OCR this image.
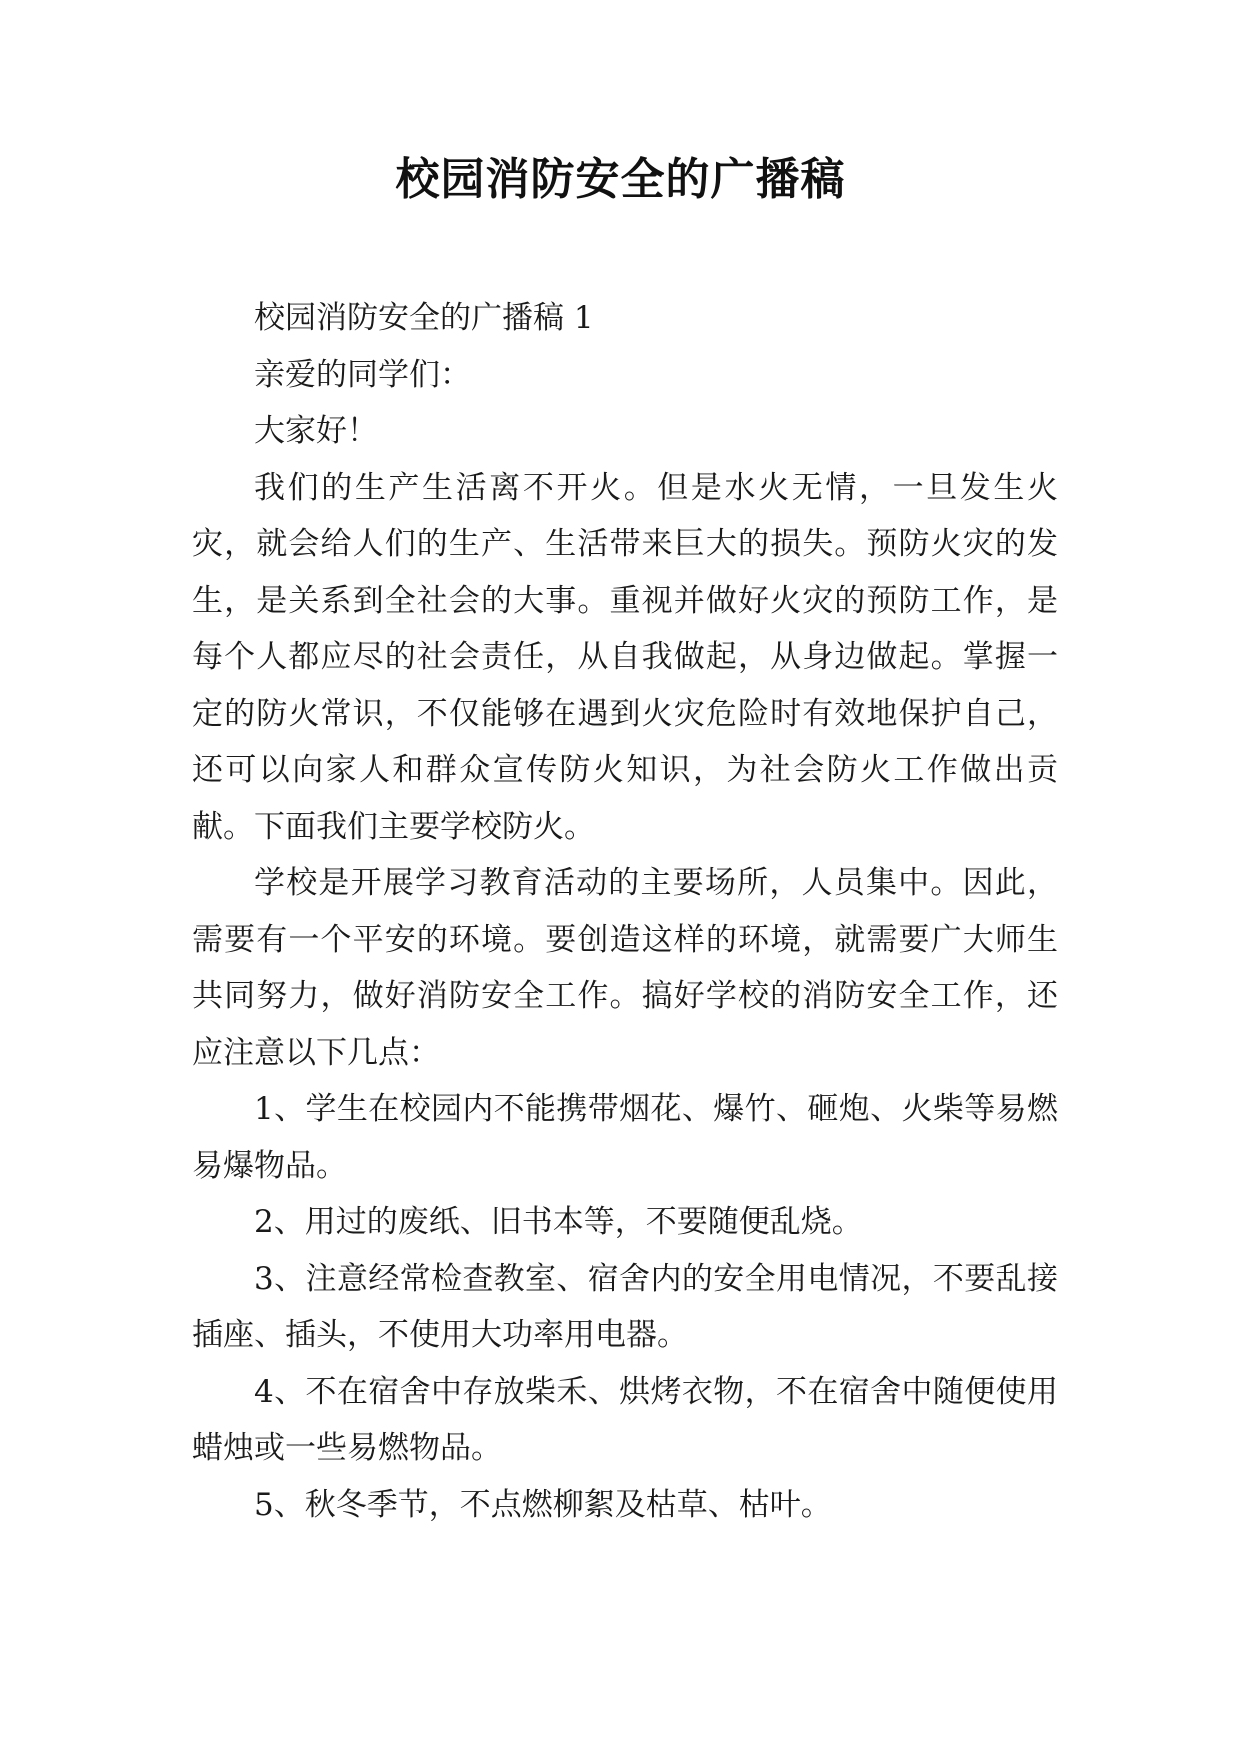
校园消防安全的广播稿

校园消防安全的广播稿 1

亲爱的同学们：

大家好！

我们的生产生活离不开火。但是水火无情，一旦发生火灾，就会给人们的生产、生活带来巨大的损失。预防火灾的发生，是关系到全社会的大事。重视并做好火灾的预防工作，是每个人都应尽的社会责任，从自我做起，从身边做起。掌握一定的防火常识，不仅能够在遇到火灾危险时有效地保护自己，还可以向家人和群众宣传防火知识，为社会防火工作做出贡献。下面我们主要学校防火。

学校是开展学习教育活动的主要场所，人员集中。因此，需要有一个平安的环境。要创造这样的环境，就需要广大师生共同努力，做好消防安全工作。搞好学校的消防安全工作，还应注意以下几点：

1、学生在校园内不能携带烟花、爆竹、砸炮、火柴等易燃易爆物品。

2、用过的废纸、旧书本等，不要随便乱烧。

3、注意经常检查教室、宿舍内的安全用电情况，不要乱接插座、插头，不使用大功率用电器。

4、不在宿舍中存放柴禾、烘烤衣物，不在宿舍中随便使用蜡烛或一些易燃物品。

5、秋冬季节，不点燃柳絮及枯草、枯叶。
